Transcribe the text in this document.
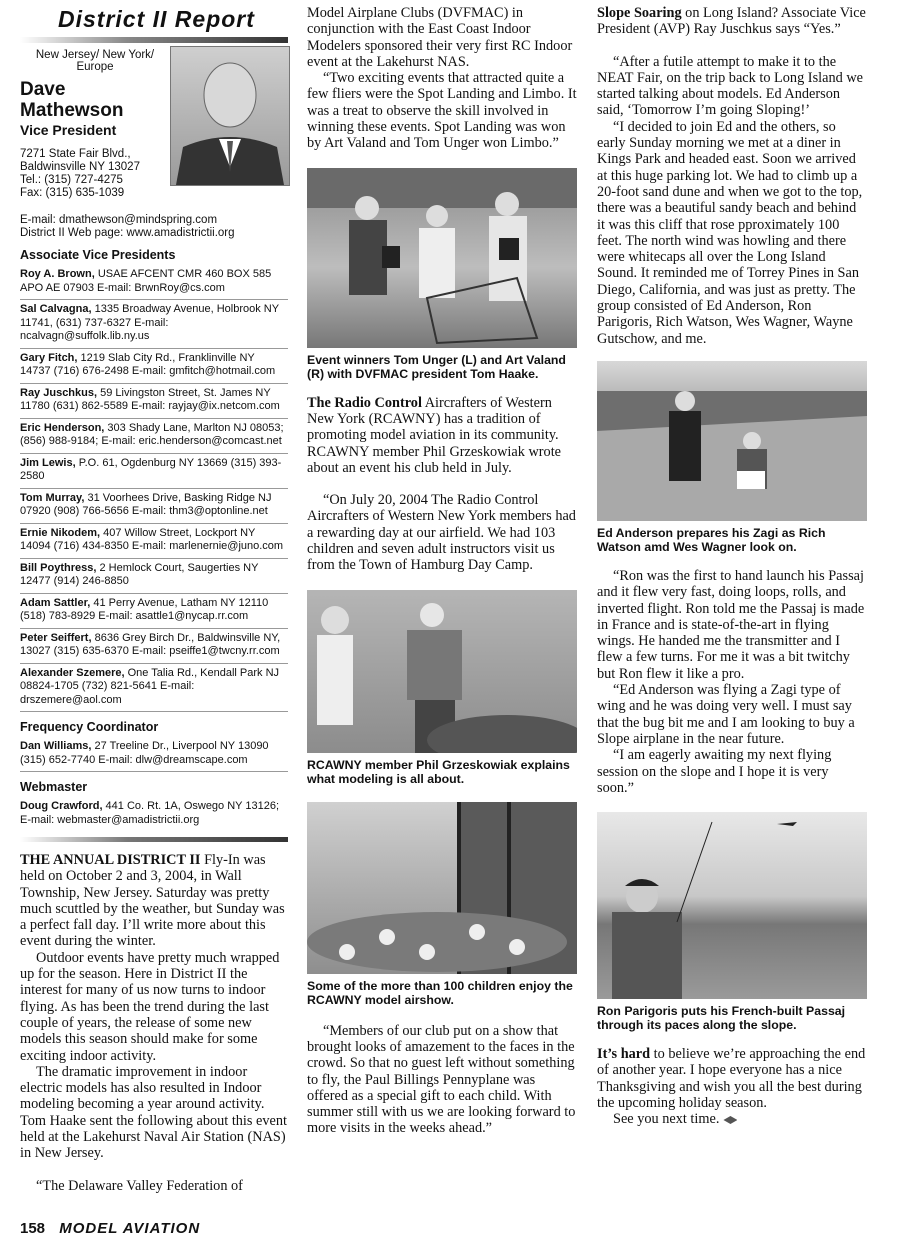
District II Report
New Jersey/ New York/ Europe
Dave Mathewson
Vice President
7271 State Fair Blvd.,
Baldwinsville NY 13027
Tel.: (315) 727-4275
Fax: (315) 635-1039
E-mail: dmathewson@mindspring.com
District II Web page: www.amadistrictii.org
Associate Vice Presidents
Roy A. Brown, USAE AFCENT CMR 460 BOX 585 APO AE 07903 E-mail: BrwnRoy@cs.com
Sal Calvagna, 1335 Broadway Avenue, Holbrook NY 11741, (631) 737-6327 E-mail: ncalvagn@suffolk.lib.ny.us
Gary Fitch, 1219 Slab City Rd., Franklinville NY 14737 (716) 676-2498 E-mail: gmfitch@hotmail.com
Ray Juschkus, 59 Livingston Street, St. James NY 11780 (631) 862-5589 E-mail: rayjay@ix.netcom.com
Eric Henderson, 303 Shady Lane, Marlton NJ 08053; (856) 988-9184; E-mail: eric.henderson@comcast.net
Jim Lewis, P.O. 61, Ogdenburg NY 13669 (315) 393-2580
Tom Murray, 31 Voorhees Drive, Basking Ridge NJ 07920 (908) 766-5656 E-mail: thm3@optonline.net
Ernie Nikodem, 407 Willow Street, Lockport NY 14094 (716) 434-8350 E-mail: marlenernie@juno.com
Bill Poythress, 2 Hemlock Court, Saugerties NY 12477 (914) 246-8850
Adam Sattler, 41 Perry Avenue, Latham NY 12110 (518) 783-8929 E-mail: asattle1@nycap.rr.com
Peter Seiffert, 8636 Grey Birch Dr., Baldwinsville NY, 13027 (315) 635-6370 E-mail: pseiffe1@twcny.rr.com
Alexander Szemere, One Talia Rd., Kendall Park NJ 08824-1705 (732) 821-5641 E-mail: drszemere@aol.com
Frequency Coordinator
Dan Williams, 27 Treeline Dr., Liverpool NY 13090 (315) 652-7740 E-mail: dlw@dreamscape.com
Webmaster
Doug Crawford, 441 Co. Rt. 1A, Oswego NY 13126; E-mail: webmaster@amadistrictii.org

THE ANNUAL DISTRICT II Fly-In was held on October 2 and 3, 2004, in Wall Township, New Jersey. Saturday was pretty much scuttled by the weather, but Sunday was a perfect fall day. I’ll write more about this event during the winter.

Outdoor events have pretty much wrapped up for the season. Here in District II the interest for many of us now turns to indoor flying. As has been the trend during the last couple of years, the release of some new models this season should make for some exciting indoor activity.

The dramatic improvement in indoor electric models has also resulted in Indoor modeling becoming a year around activity. Tom Haake sent the following about this event held at the Lakehurst Naval Air Station (NAS) in New Jersey.

“The Delaware Valley Federation of

Model Airplane Clubs (DVFMAC) in conjunction with the East Coast Indoor Modelers sponsored their very first RC Indoor event at the Lakehurst NAS.

“Two exciting events that attracted quite a few fliers were the Spot Landing and Limbo. It was a treat to observe the skill involved in winning these events. Spot Landing was won by Art Valand and Tom Unger won Limbo.”

Event winners Tom Unger (L) and Art Valand (R) with DVFMAC president Tom Haake.

The Radio Control Aircrafters of Western New York (RCAWNY) has a tradition of promoting model aviation in its community. RCAWNY member Phil Grzeskowiak wrote about an event his club held in July.

“On July 20, 2004 The Radio Control Aircrafters of Western New York members had a rewarding day at our airfield. We had 103 children and seven adult instructors visit us from the Town of Hamburg Day Camp.

RCAWNY member Phil Grzeskowiak explains what modeling is all about.
Some of the more than 100 children enjoy the RCAWNY model airshow.

“Members of our club put on a show that brought looks of amazement to the faces in the crowd. So that no guest left without something to fly, the Paul Billings Pennyplane was offered as a special gift to each child. With summer still with us we are looking forward to more visits in the weeks ahead.”

Slope Soaring on Long Island? Associate Vice President (AVP) Ray Juschkus says “Yes.”

“After a futile attempt to make it to the NEAT Fair, on the trip back to Long Island we started talking about models. Ed Anderson said, ‘Tomorrow I’m going Sloping!’

“I decided to join Ed and the others, so early Sunday morning we met at a diner in Kings Park and headed east. Soon we arrived at this huge parking lot. We had to climb up a 20-foot sand dune and when we got to the top, there was a beautiful sandy beach and behind it was this cliff that rose pproximately 100 feet. The north wind was howling and there were whitecaps all over the Long Island Sound. It reminded me of Torrey Pines in San Diego, California, and was just as pretty. The group consisted of Ed Anderson, Ron Parigoris, Rich Watson, Wes Wagner, Wayne Gutschow, and me.

Ed Anderson prepares his Zagi as Rich Watson amd Wes Wagner look on.

“Ron was the first to hand launch his Passaj and it flew very fast, doing loops, rolls, and inverted flight. Ron told me the Passaj is made in France and is state-of-the-art in flying wings. He handed me the transmitter and I flew a few turns. For me it was a bit twitchy but Ron flew it like a pro.

“Ed Anderson was flying a Zagi type of wing and he was doing very well. I must say that the bug bit me and I am looking to buy a Slope airplane in the near future.

“I am eagerly awaiting my next flying session on the slope and I hope it is very soon.”

Ron Parigoris puts his French-built Passaj through its paces along the slope.

It’s hard to believe we’re approaching the end of another year. I hope everyone has a nice Thanksgiving and wish you all the best during the upcoming holiday season.

See you next time.

158 MODEL AVIATION
